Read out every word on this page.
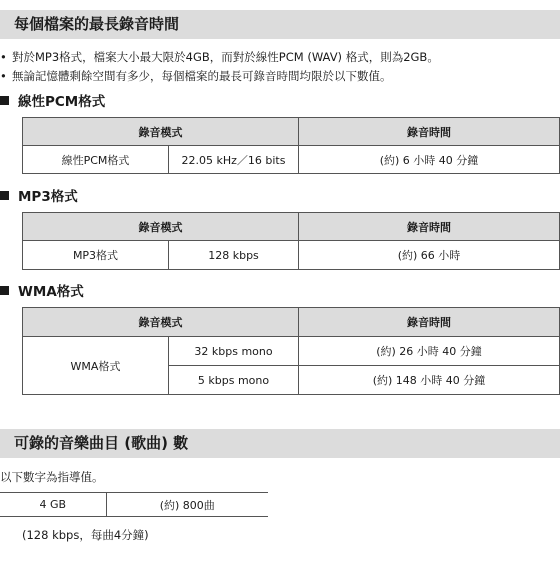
每個檔案的最長錄音時間
• 對於MP3格式，檔案大小最大限於4GB，而對於線性PCM (WAV) 格式，則為2GB。
• 無論記憶體剩餘空間有多少，每個檔案的最長可錄音時間均限於以下數值。
線性PCM格式
錄音模式		錄音時間
線性PCM格式	22.05 kHz／16 bits	(約) 6 小時 40 分鐘
MP3格式
錄音模式		錄音時間
MP3格式	128 kbps	(約) 66 小時
WMA格式
錄音模式		錄音時間
WMA格式	32 kbps mono	(約) 26 小時 40 分鐘
	5 kbps mono	(約) 148 小時 40 分鐘
可錄的音樂曲目 (歌曲) 數
以下數字為指導值。
4 GB	(約) 800曲
(128 kbps，每曲4分鐘)
